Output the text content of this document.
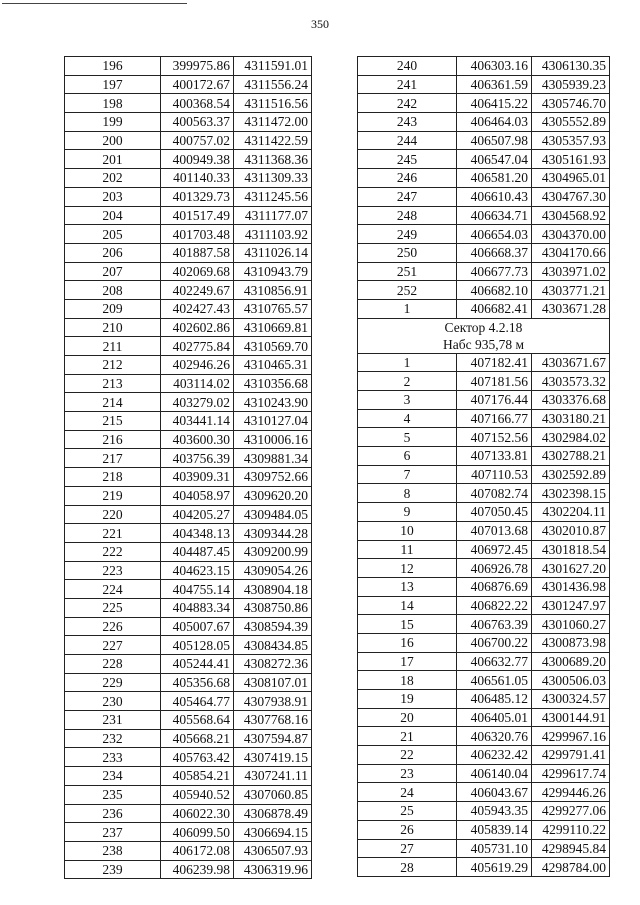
350
196	399975.86	4311591.01
197	400172.67	4311556.24
198	400368.54	4311516.56
199	400563.37	4311472.00
200	400757.02	4311422.59
201	400949.38	4311368.36
202	401140.33	4311309.33
203	401329.73	4311245.56
204	401517.49	4311177.07
205	401703.48	4311103.92
206	401887.58	4311026.14
207	402069.68	4310943.79
208	402249.67	4310856.91
209	402427.43	4310765.57
210	402602.86	4310669.81
211	402775.84	4310569.70
212	402946.26	4310465.31
213	403114.02	4310356.68
214	403279.02	4310243.90
215	403441.14	4310127.04
216	403600.30	4310006.16
217	403756.39	4309881.34
218	403909.31	4309752.66
219	404058.97	4309620.20
220	404205.27	4309484.05
221	404348.13	4309344.28
222	404487.45	4309200.99
223	404623.15	4309054.26
224	404755.14	4308904.18
225	404883.34	4308750.86
226	405007.67	4308594.39
227	405128.05	4308434.85
228	405244.41	4308272.36
229	405356.68	4308107.01
230	405464.77	4307938.91
231	405568.64	4307768.16
232	405668.21	4307594.87
233	405763.42	4307419.15
234	405854.21	4307241.11
235	405940.52	4307060.85
236	406022.30	4306878.49
237	406099.50	4306694.15
238	406172.08	4306507.93
239	406239.98	4306319.96
240	406303.16	4306130.35
241	406361.59	4305939.23
242	406415.22	4305746.70
243	406464.03	4305552.89
244	406507.98	4305357.93
245	406547.04	4305161.93
246	406581.20	4304965.01
247	406610.43	4304767.30
248	406634.71	4304568.92
249	406654.03	4304370.00
250	406668.37	4304170.66
251	406677.73	4303971.02
252	406682.10	4303771.21
1	406682.41	4303671.28

Сектор 4.2.18
Набс 935,78 м		

1	407182.41	4303671.67
2	407181.56	4303573.32
3	407176.44	4303376.68
4	407166.77	4303180.21
5	407152.56	4302984.02
6	407133.81	4302788.21
7	407110.53	4302592.89
8	407082.74	4302398.15
9	407050.45	4302204.11
10	407013.68	4302010.87
11	406972.45	4301818.54
12	406926.78	4301627.20
13	406876.69	4301436.98
14	406822.22	4301247.97
15	406763.39	4301060.27
16	406700.22	4300873.98
17	406632.77	4300689.20
18	406561.05	4300506.03
19	406485.12	4300324.57
20	406405.01	4300144.91
21	406320.76	4299967.16
22	406232.42	4299791.41
23	406140.04	4299617.74
24	406043.67	4299446.26
25	405943.35	4299277.06
26	405839.14	4299110.22
27	405731.10	4298945.84
28	405619.29	4298784.00
